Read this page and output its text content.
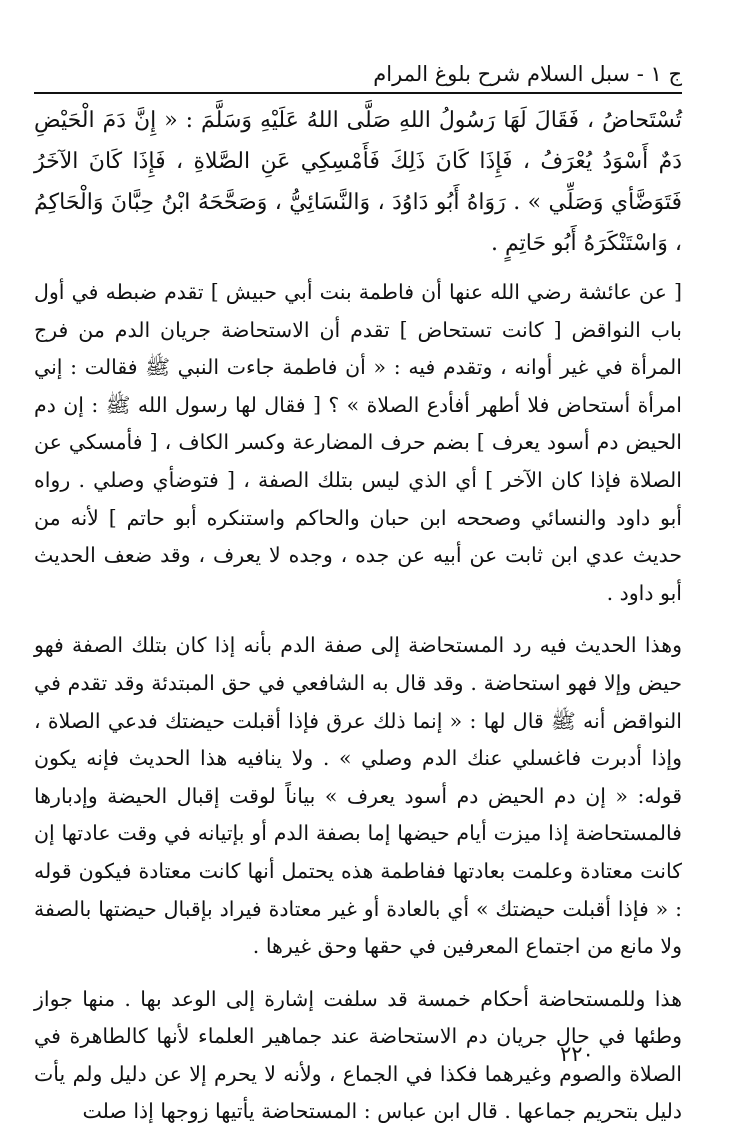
ج ١ - سبل السلام شرح بلوغ المرام

تُسْتَحاضُ ، فَقَالَ لَهَا رَسُولُ اللهِ صَلَّى اللهُ عَلَيْهِ وَسَلَّمَ : « إِنَّ دَمَ الْحَيْضِ دَمٌ أَسْوَدُ يُعْرَفُ ، فَإِذَا كَانَ ذَلِكَ فَأَمْسِكِي عَنِ الصَّلاةِ ، فَإِذَا كَانَ الآخَرُ فَتَوَضَّأي وَصَلِّي » . رَوَاهُ أَبُو دَاوُدَ ، وَالنَّسَائِيُّ ، وَصَحَّحَهُ ابْنُ حِبَّانَ وَالْحَاكِمُ ، وَاسْتَنْكَرَهُ أَبُو حَاتِمٍ .

[ عن عائشة رضي الله عنها أن فاطمة بنت أبي حبيش ] تقدم ضبطه في أول باب النواقض [ كانت تستحاض ] تقدم أن الاستحاضة جريان الدم من فرج المرأة في غير أوانه ، وتقدم فيه : « أن فاطمة جاءت النبي ﷺ فقالت : إني امرأة أستحاض فلا أطهر أفأدع الصلاة » ؟ [ فقال لها رسول الله ﷺ : إن دم الحيض دم أسود يعرف ] بضم حرف المضارعة وكسر الكاف ، [ فأمسكي عن الصلاة فإذا كان الآخر ] أي الذي ليس بتلك الصفة ، [ فتوضأي وصلي . رواه أبو داود والنسائي وصححه ابن حبان والحاكم واستنكره أبو حاتم ] لأنه من حديث عدي ابن ثابت عن أبيه عن جده ، وجده لا يعرف ، وقد ضعف الحديث أبو داود .

وهذا الحديث فيه رد المستحاضة إلى صفة الدم بأنه إذا كان بتلك الصفة فهو حيض وإلا فهو استحاضة . وقد قال به الشافعي في حق المبتدئة وقد تقدم في النواقض أنه ﷺ قال لها : « إنما ذلك عرق فإذا أقبلت حيضتك فدعي الصلاة ، وإذا أدبرت فاغسلي عنك الدم وصلي » . ولا ينافيه هذا الحديث فإنه يكون قوله: « إن دم الحيض دم أسود يعرف » بياناً لوقت إقبال الحيضة وإدبارها فالمستحاضة إذا ميزت أيام حيضها إما بصفة الدم أو بإتيانه في وقت عادتها إن كانت معتادة وعلمت بعادتها ففاطمة هذه يحتمل أنها كانت معتادة فيكون قوله : « فإذا أقبلت حيضتك » أي بالعادة أو غير معتادة فيراد بإقبال حيضتها بالصفة ولا مانع من اجتماع المعرفين في حقها وحق غيرها .

هذا وللمستحاضة أحكام خمسة قد سلفت إشارة إلى الوعد بها . منها جواز وطئها في حال جريان دم الاستحاضة عند جماهير العلماء لأنها كالطاهرة في الصلاة والصوم وغيرهما فكذا في الجماع ، ولأنه لا يحرم إلا عن دليل ولم يأت دليل بتحريم جماعها . قال ابن عباس : المستحاضة يأتيها زوجها إذا صلت

٢٢٠
